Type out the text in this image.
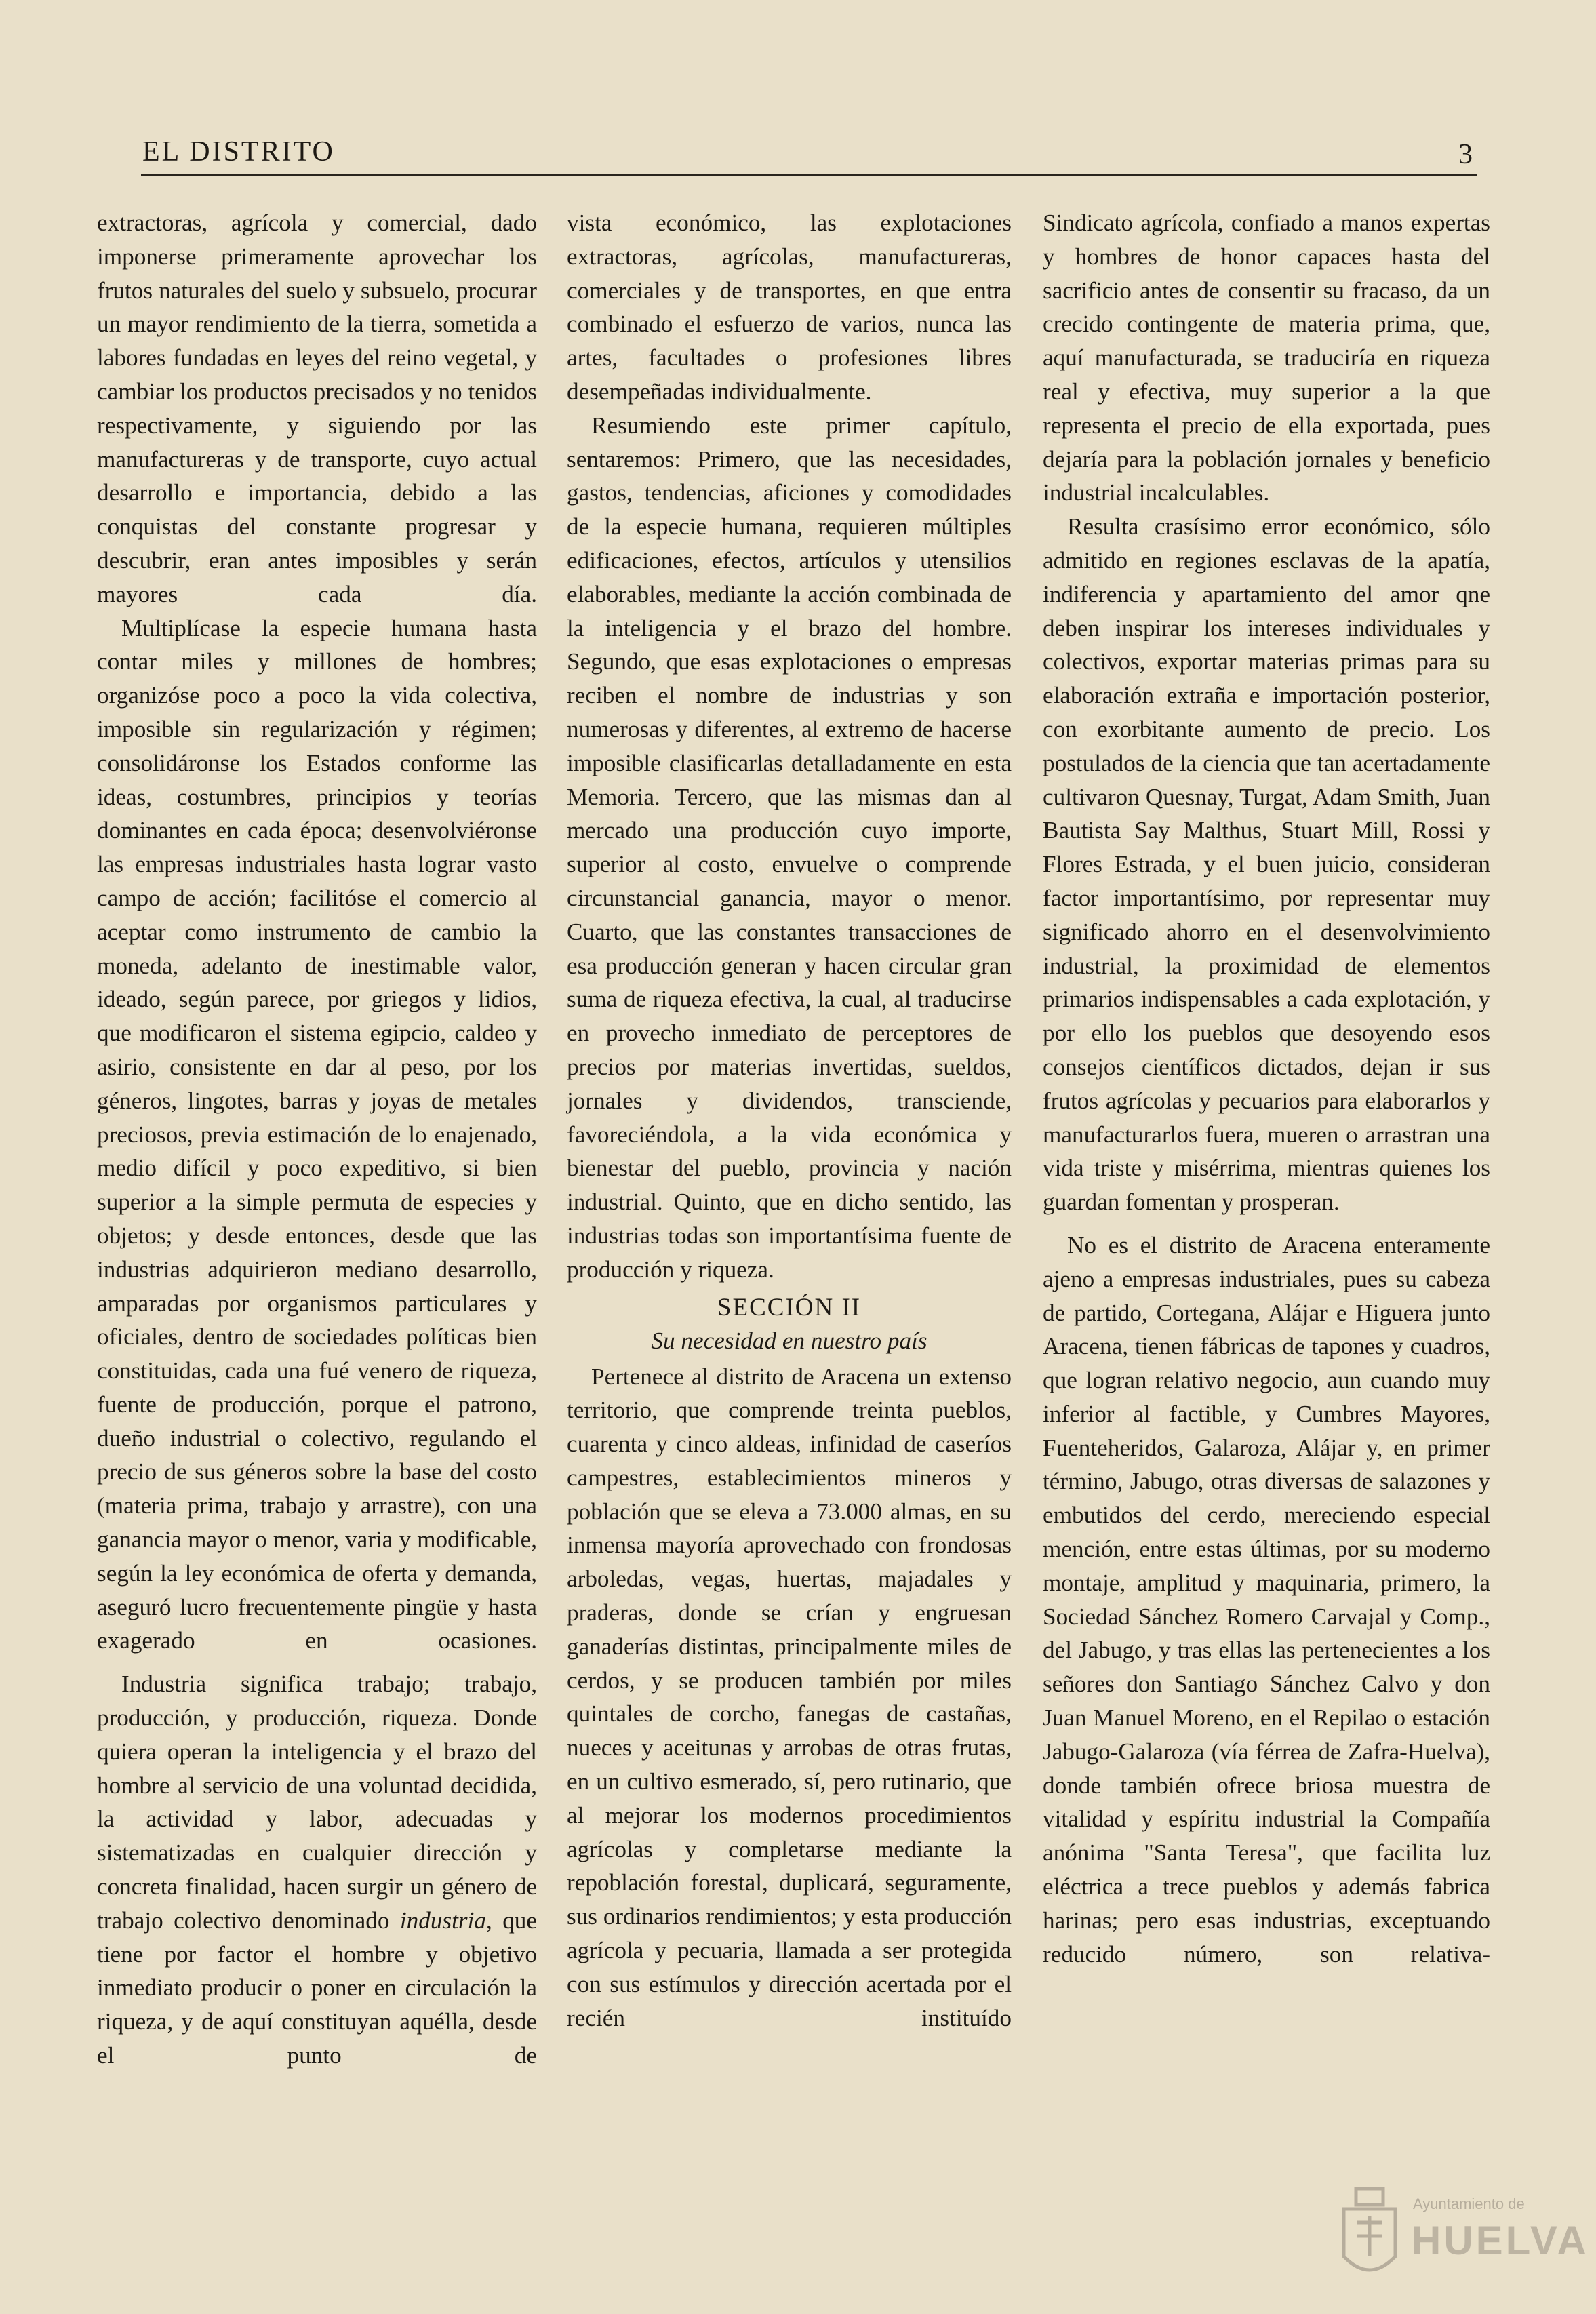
EL DISTRITO	3

extractoras, agrícola y comercial, dado imponerse primeramente aprovechar los frutos naturales del suelo y subsuelo, procurar un mayor rendimiento de la tierra, sometida a labores fundadas en leyes del reino vegetal, y cambiar los productos precisados y no tenidos respectivamente, y siguiendo por las manufactureras y de transporte, cuyo actual desarrollo e importancia, debido a las conquistas del constante progresar y descubrir, eran antes imposibles y serán mayores cada día.

Multiplícase la especie humana hasta contar miles y millones de hombres; organizóse poco a poco la vida colectiva, imposible sin regularización y régimen; consolidáronse los Estados conforme las ideas, costumbres, principios y teorías dominantes en cada época; desenvolviéronse las empresas industriales hasta lograr vasto campo de acción; facilitóse el comercio al aceptar como instrumento de cambio la moneda, adelanto de inestimable valor, ideado, según parece, por griegos y lidios, que modificaron el sistema egipcio, caldeo y asirio, consistente en dar al peso, por los géneros, lingotes, barras y joyas de metales preciosos, previa estimación de lo enajenado, medio difícil y poco expeditivo, si bien superior a la simple permuta de especies y objetos; y desde entonces, desde que las industrias adquirieron mediano desarrollo, amparadas por organismos particulares y oficiales, dentro de sociedades políticas bien constituidas, cada una fué venero de riqueza, fuente de producción, porque el patrono, dueño industrial o colectivo, regulando el precio de sus géneros sobre la base del costo (materia prima, trabajo y arrastre), con una ganancia mayor o menor, varia y modificable, según la ley económica de oferta y demanda, aseguró lucro frecuentemente pingüe y hasta exagerado en ocasiones.

Industria significa trabajo; trabajo, producción, y producción, riqueza. Donde quiera operan la inteligencia y el brazo del hombre al servicio de una voluntad decidida, la actividad y labor, adecuadas y sistematizadas en cualquier dirección y concreta finalidad, hacen surgir un género de trabajo colectivo denominado industria, que tiene por factor el hombre y objetivo inmediato producir o poner en circulación la riqueza, y de aquí constituyan aquélla, desde el punto de

vista económico, las explotaciones extractoras, agrícolas, manufactureras, comerciales y de transportes, en que entra combinado el esfuerzo de varios, nunca las artes, facultades o profesiones libres desempeñadas individualmente.

Resumiendo este primer capítulo, sentaremos: Primero, que las necesidades, gastos, tendencias, aficiones y comodidades de la especie humana, requieren múltiples edificaciones, efectos, artículos y utensilios elaborables, mediante la acción combinada de la inteligencia y el brazo del hombre. Segundo, que esas explotaciones o empresas reciben el nombre de industrias y son numerosas y diferentes, al extremo de hacerse imposible clasificarlas detalladamente en esta Memoria. Tercero, que las mismas dan al mercado una producción cuyo importe, superior al costo, envuelve o comprende circunstancial ganancia, mayor o menor. Cuarto, que las constantes transacciones de esa producción generan y hacen circular gran suma de riqueza efectiva, la cual, al traducirse en provecho inmediato de perceptores de precios por materias invertidas, sueldos, jornales y dividendos, transciende, favoreciéndola, a la vida económica y bienestar del pueblo, provincia y nación industrial. Quinto, que en dicho sentido, las industrias todas son importantísima fuente de producción y riqueza.

SECCIÓN II
Su necesidad en nuestro país

Pertenece al distrito de Aracena un extenso territorio, que comprende treinta pueblos, cuarenta y cinco aldeas, infinidad de caseríos campestres, establecimientos mineros y población que se eleva a 73.000 almas, en su inmensa mayoría aprovechado con frondosas arboledas, vegas, huertas, majadales y praderas, donde se crían y engruesan ganaderías distintas, principalmente miles de cerdos, y se producen también por miles quintales de corcho, fanegas de castañas, nueces y aceitunas y arrobas de otras frutas, en un cultivo esmerado, sí, pero rutinario, que al mejorar los modernos procedimientos agrícolas y completarse mediante la repoblación forestal, duplicará, seguramente, sus ordinarios rendimientos; y esta producción agrícola y pecuaria, llamada a ser protegida con sus estímulos y dirección acertada por el recién instituído

Sindicato agrícola, confiado a manos expertas y hombres de honor capaces hasta del sacrificio antes de consentir su fracaso, da un crecido contingente de materia prima, que, aquí manufacturada, se traduciría en riqueza real y efectiva, muy superior a la que representa el precio de ella exportada, pues dejaría para la población jornales y beneficio industrial incalculables.

Resulta crasísimo error económico, sólo admitido en regiones esclavas de la apatía, indiferencia y apartamiento del amor qne deben inspirar los intereses individuales y colectivos, exportar materias primas para su elaboración extraña e importación posterior, con exorbitante aumento de precio. Los postulados de la ciencia que tan acertadamente cultivaron Quesnay, Turgat, Adam Smith, Juan Bautista Say Malthus, Stuart Mill, Rossi y Flores Estrada, y el buen juicio, consideran factor importantísimo, por representar muy significado ahorro en el desenvolvimiento industrial, la proximidad de elementos primarios indispensables a cada explotación, y por ello los pueblos que desoyendo esos consejos científicos dictados, dejan ir sus frutos agrícolas y pecuarios para elaborarlos y manufacturarlos fuera, mueren o arrastran una vida triste y misérrima, mientras quienes los guardan fomentan y prosperan.

No es el distrito de Aracena enteramente ajeno a empresas industriales, pues su cabeza de partido, Cortegana, Alájar e Higuera junto Aracena, tienen fábricas de tapones y cuadros, que logran relativo negocio, aun cuando muy inferior al factible, y Cumbres Mayores, Fuenteheridos, Galaroza, Alájar y, en primer término, Jabugo, otras diversas de salazones y embutidos del cerdo, mereciendo especial mención, entre estas últimas, por su moderno montaje, amplitud y maquinaria, primero, la Sociedad Sánchez Romero Carvajal y Comp., del Jabugo, y tras ellas las pertenecientes a los señores don Santiago Sánchez Calvo y don Juan Manuel Moreno, en el Repilao o estación Jabugo-Galaroza (vía férrea de Zafra-Huelva), donde también ofrece briosa muestra de vitalidad y espíritu industrial la Compañía anónima "Santa Teresa", que facilita luz eléctrica a trece pueblos y además fabrica harinas; pero esas industrias, exceptuando reducido número, son relativa-

Ayuntamiento de
HUELVA
